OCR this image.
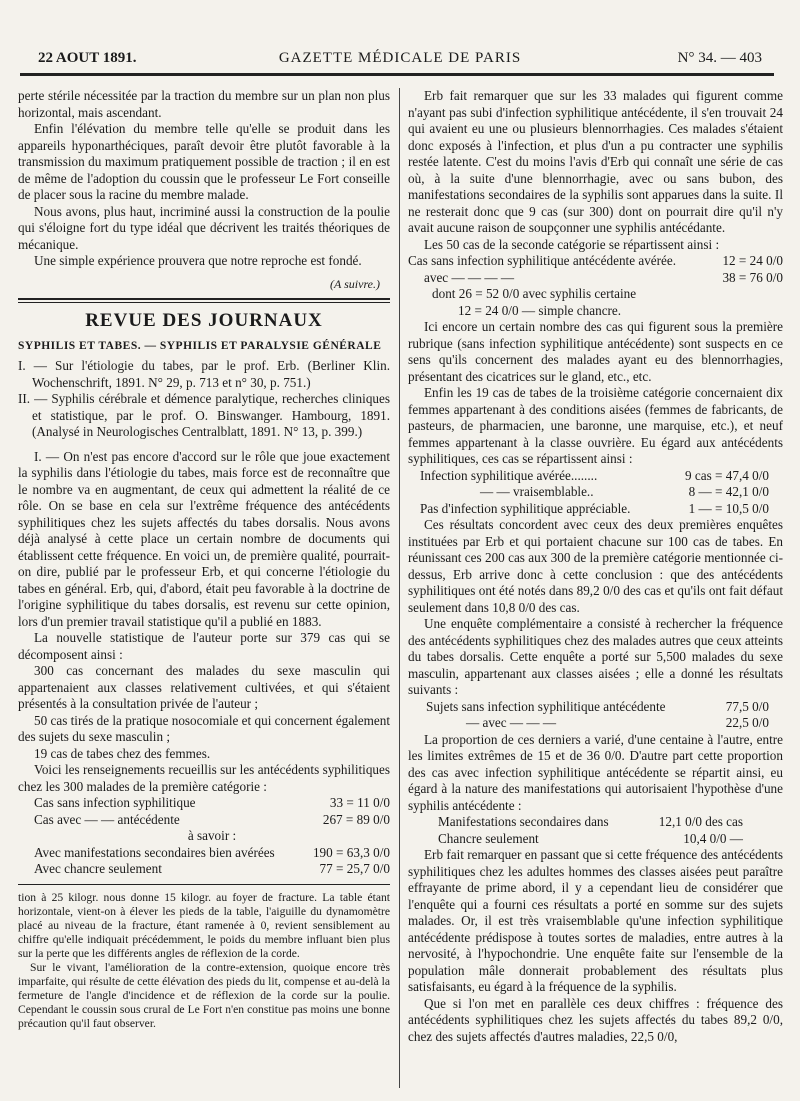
22 AOUT 1891.	GAZETTE MÉDICALE DE PARIS	N° 34. — 403

perte stérile nécessitée par la traction du membre sur un plan non plus horizontal, mais ascendant.

Enfin l'élévation du membre telle qu'elle se produit dans les appareils hyponarthéciques, paraît devoir être plutôt favorable à la transmission du maximum pratiquement possible de traction ; il en est de même de l'adoption du coussin que le professeur Le Fort conseille de placer sous la racine du membre malade.

Nous avons, plus haut, incriminé aussi la construction de la poulie qui s'éloigne fort du type idéal que décrivent les traités théoriques de mécanique.

Une simple expérience prouvera que notre reproche est fondé.

(A suivre.)
REVUE DES JOURNAUX
SYPHILIS ET TABES. — SYPHILIS ET PARALYSIE GÉNÉRALE

I. — Sur l'étiologie du tabes, par le prof. Erb. (Berliner Klin. Wochenschrift, 1891. N° 29, p. 713 et n° 30, p. 751.)

II. — Syphilis cérébrale et démence paralytique, recherches cliniques et statistique, par le prof. O. Binswanger. Hambourg, 1891. (Analysé in Neurologisches Centralblatt, 1891. N° 13, p. 399.)

I. — On n'est pas encore d'accord sur le rôle que joue exactement la syphilis dans l'étiologie du tabes, mais force est de reconnaître que le nombre va en augmentant, de ceux qui admettent la réalité de ce rôle. On se base en cela sur l'extrême fréquence des antécédents syphilitiques chez les sujets affectés du tabes dorsalis. Nous avons déjà analysé à cette place un certain nombre de documents qui établissent cette fréquence. En voici un, de première qualité, pourrait-on dire, publié par le professeur Erb, et qui concerne l'étiologie du tabes en général. Erb, qui, d'abord, était peu favorable à la doctrine de l'origine syphilitique du tabes dorsalis, est revenu sur cette opinion, lors d'un premier travail statistique qu'il a publié en 1883.

La nouvelle statistique de l'auteur porte sur 379 cas qui se décomposent ainsi :

300 cas concernant des malades du sexe masculin qui appartenaient aux classes relativement cultivées, et qui s'étaient présentés à la consultation privée de l'auteur ;

50 cas tirés de la pratique nosocomiale et qui concernent également des sujets du sexe masculin ;

19 cas de tabes chez des femmes.

Voici les renseignements recueillis sur les antécédents syphilitiques chez les 300 malades de la première catégorie :

Cas sans infection syphilitique	33 = 11 0/0
Cas avec — — antécédente	267 = 89 0/0
à savoir :
Avec manifestations secondaires bien avérées	190 = 63,3 0/0
Avec chancre seulement	77 = 25,7 0/0

tion à 25 kilogr. nous donne 15 kilogr. au foyer de fracture. La table étant horizontale, vient-on à élever les pieds de la table, l'aiguille du dynamomètre placé au niveau de la fracture, étant ramenée à 0, revient sensiblement au chiffre qu'elle indiquait précédemment, le poids du membre influant bien plus sur la perte que les différents angles de réflexion de la corde.

Sur le vivant, l'amélioration de la contre-extension, quoique encore très imparfaite, qui résulte de cette élévation des pieds du lit, compense et au-delà la fermeture de l'angle d'incidence et de réflexion de la corde sur la poulie. Cependant le coussin sous crural de Le Fort n'en constitue pas moins une bonne précaution qu'il faut observer.

Erb fait remarquer que sur les 33 malades qui figurent comme n'ayant pas subi d'infection syphilitique antécédente, il s'en trouvait 24 qui avaient eu une ou plusieurs blennorrhagies. Ces malades s'étaient donc exposés à l'infection, et plus d'un a pu contracter une syphilis restée latente. C'est du moins l'avis d'Erb qui connaît une série de cas où, à la suite d'une blennorrhagie, avec ou sans bubon, des manifestations secondaires de la syphilis sont apparues dans la suite. Il ne resterait donc que 9 cas (sur 300) dont on pourrait dire qu'il n'y avait aucune raison de soupçonner une syphilis antécédante.

Les 50 cas de la seconde catégorie se répartissent ainsi :

Cas sans infection syphilitique antécédente avérée.	12 = 24 0/0
avec — — — —	38 = 76 0/0
dont 26 = 52 0/0 avec syphilis certaine
12 = 24 0/0 — simple chancre.

Ici encore un certain nombre des cas qui figurent sous la première rubrique (sans infection syphilitique antécédente) sont suspects en ce sens qu'ils concernent des malades ayant eu des blennorrhagies, présentant des cicatrices sur le gland, etc., etc.

Enfin les 19 cas de tabes de la troisième catégorie concernaient dix femmes appartenant à des conditions aisées (femmes de fabricants, de pasteurs, de pharmacien, une baronne, une marquise, etc.), et neuf femmes appartenant à la classe ouvrière. Eu égard aux antécédents syphilitiques, ces cas se répartissent ainsi :

Infection syphilitique avérée........	9 cas = 47,4 0/0
— — vraisemblable..	8 — = 42,1 0/0
Pas d'infection syphilitique appréciable.	1 — = 10,5 0/0

Ces résultats concordent avec ceux des deux premières enquêtes instituées par Erb et qui portaient chacune sur 100 cas de tabes. En réunissant ces 200 cas aux 300 de la première catégorie mentionnée ci-dessus, Erb arrive donc à cette conclusion : que des antécédents syphilitiques ont été notés dans 89,2 0/0 des cas et qu'ils ont fait défaut seulement dans 10,8 0/0 des cas.

Une enquête complémentaire a consisté à rechercher la fréquence des antécédents syphilitiques chez des malades autres que ceux atteints du tabes dorsalis. Cette enquête a porté sur 5,500 malades du sexe masculin, appartenant aux classes aisées ; elle a donné les résultats suivants :

Sujets sans infection syphilitique antécédente	77,5 0/0
— avec — — —	22,5 0/0

La proportion de ces derniers a varié, d'une centaine à l'autre, entre les limites extrêmes de 15 et de 36 0/0. D'autre part cette proportion des cas avec infection syphilitique antécédente se répartit ainsi, eu égard à la nature des manifestations qui autorisaient l'hypothèse d'une syphilis antécédente :

Manifestations secondaires dans	12,1 0/0 des cas
Chancre seulement	10,4 0/0 —

Erb fait remarquer en passant que si cette fréquence des antécédents syphilitiques chez les adultes hommes des classes aisées peut paraître effrayante de prime abord, il y a cependant lieu de considérer que l'enquête qui a fourni ces résultats a porté en somme sur des sujets malades. Or, il est très vraisemblable qu'une infection syphilitique antécédente prédispose à toutes sortes de maladies, entre autres à la nervosité, à l'hypochondrie. Une enquête faite sur l'ensemble de la population mâle donnerait probablement des résultats plus satisfaisants, eu égard à la fréquence de la syphilis.

Que si l'on met en parallèle ces deux chiffres : fréquence des antécédents syphilitiques chez les sujets affectés du tabes 89,2 0/0, chez des sujets affectés d'autres maladies, 22,5 0/0,
